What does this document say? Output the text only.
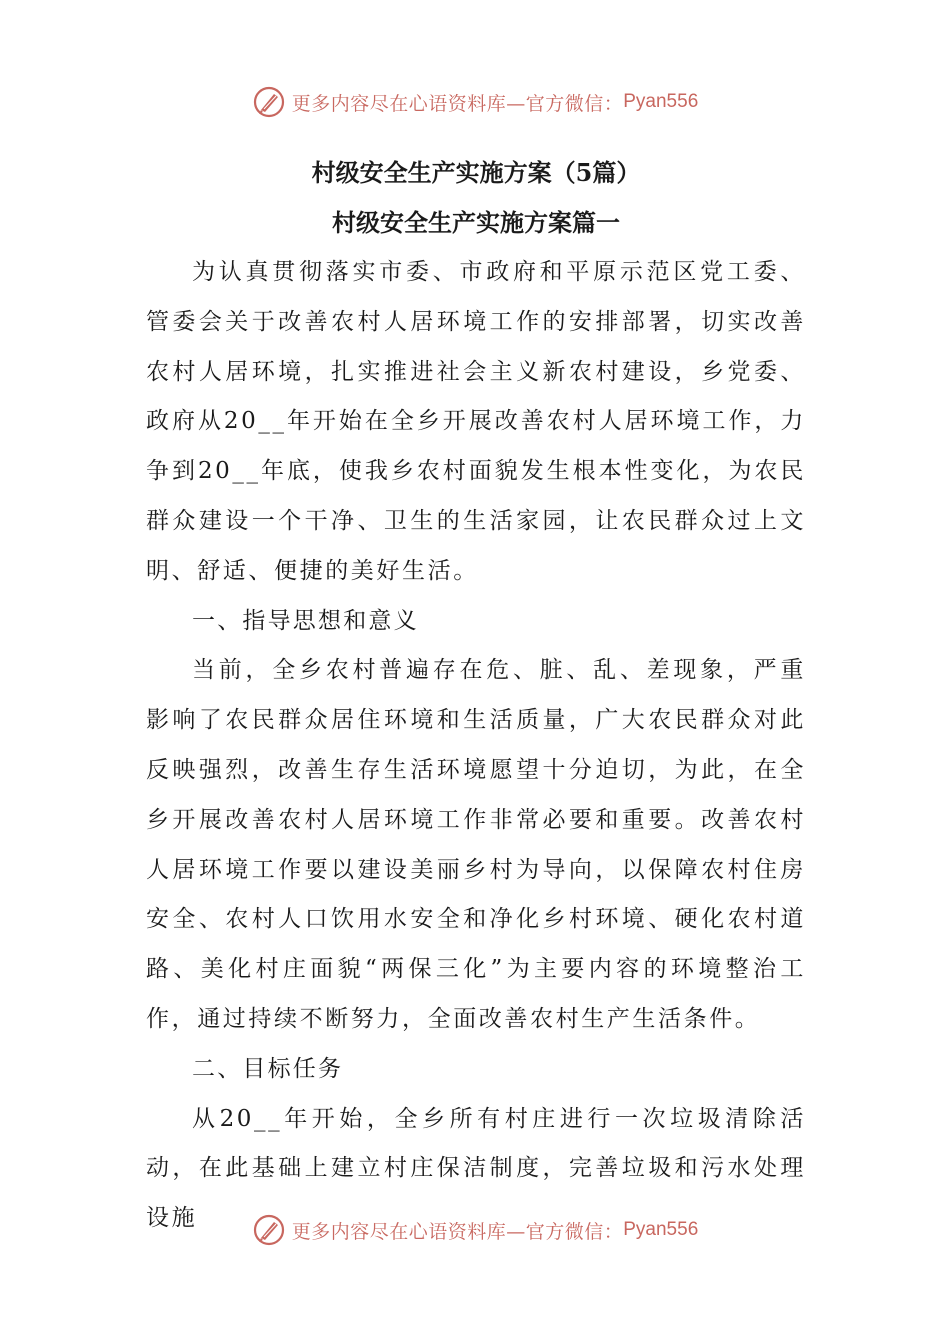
更多内容尽在心语资料库—官方微信： Pyan556
村级安全生产实施方案（5篇）
村级安全生产实施方案篇一

为认真贯彻落实市委、市政府和平原示范区党工委、管委会关于改善农村人居环境工作的安排部署，切实改善农村人居环境，扎实推进社会主义新农村建设，乡党委、政府从20__年开始在全乡开展改善农村人居环境工作，力争到20__年底，使我乡农村面貌发生根本性变化，为农民群众建设一个干净、卫生的生活家园，让农民群众过上文明、舒适、便捷的美好生活。

一、指导思想和意义

当前，全乡农村普遍存在危、脏、乱、差现象，严重影响了农民群众居住环境和生活质量，广大农民群众对此反映强烈，改善生存生活环境愿望十分迫切，为此，在全乡开展改善农村人居环境工作非常必要和重要。改善农村人居环境工作要以建设美丽乡村为导向，以保障农村住房安全、农村人口饮用水安全和净化乡村环境、硬化农村道路、美化村庄面貌“两保三化”为主要内容的环境整治工作，通过持续不断努力，全面改善农村生产生活条件。

二、目标任务

从20__年开始，全乡所有村庄进行一次垃圾清除活动，在此基础上建立村庄保洁制度，完善垃圾和污水处理设施

更多内容尽在心语资料库—官方微信： Pyan556
